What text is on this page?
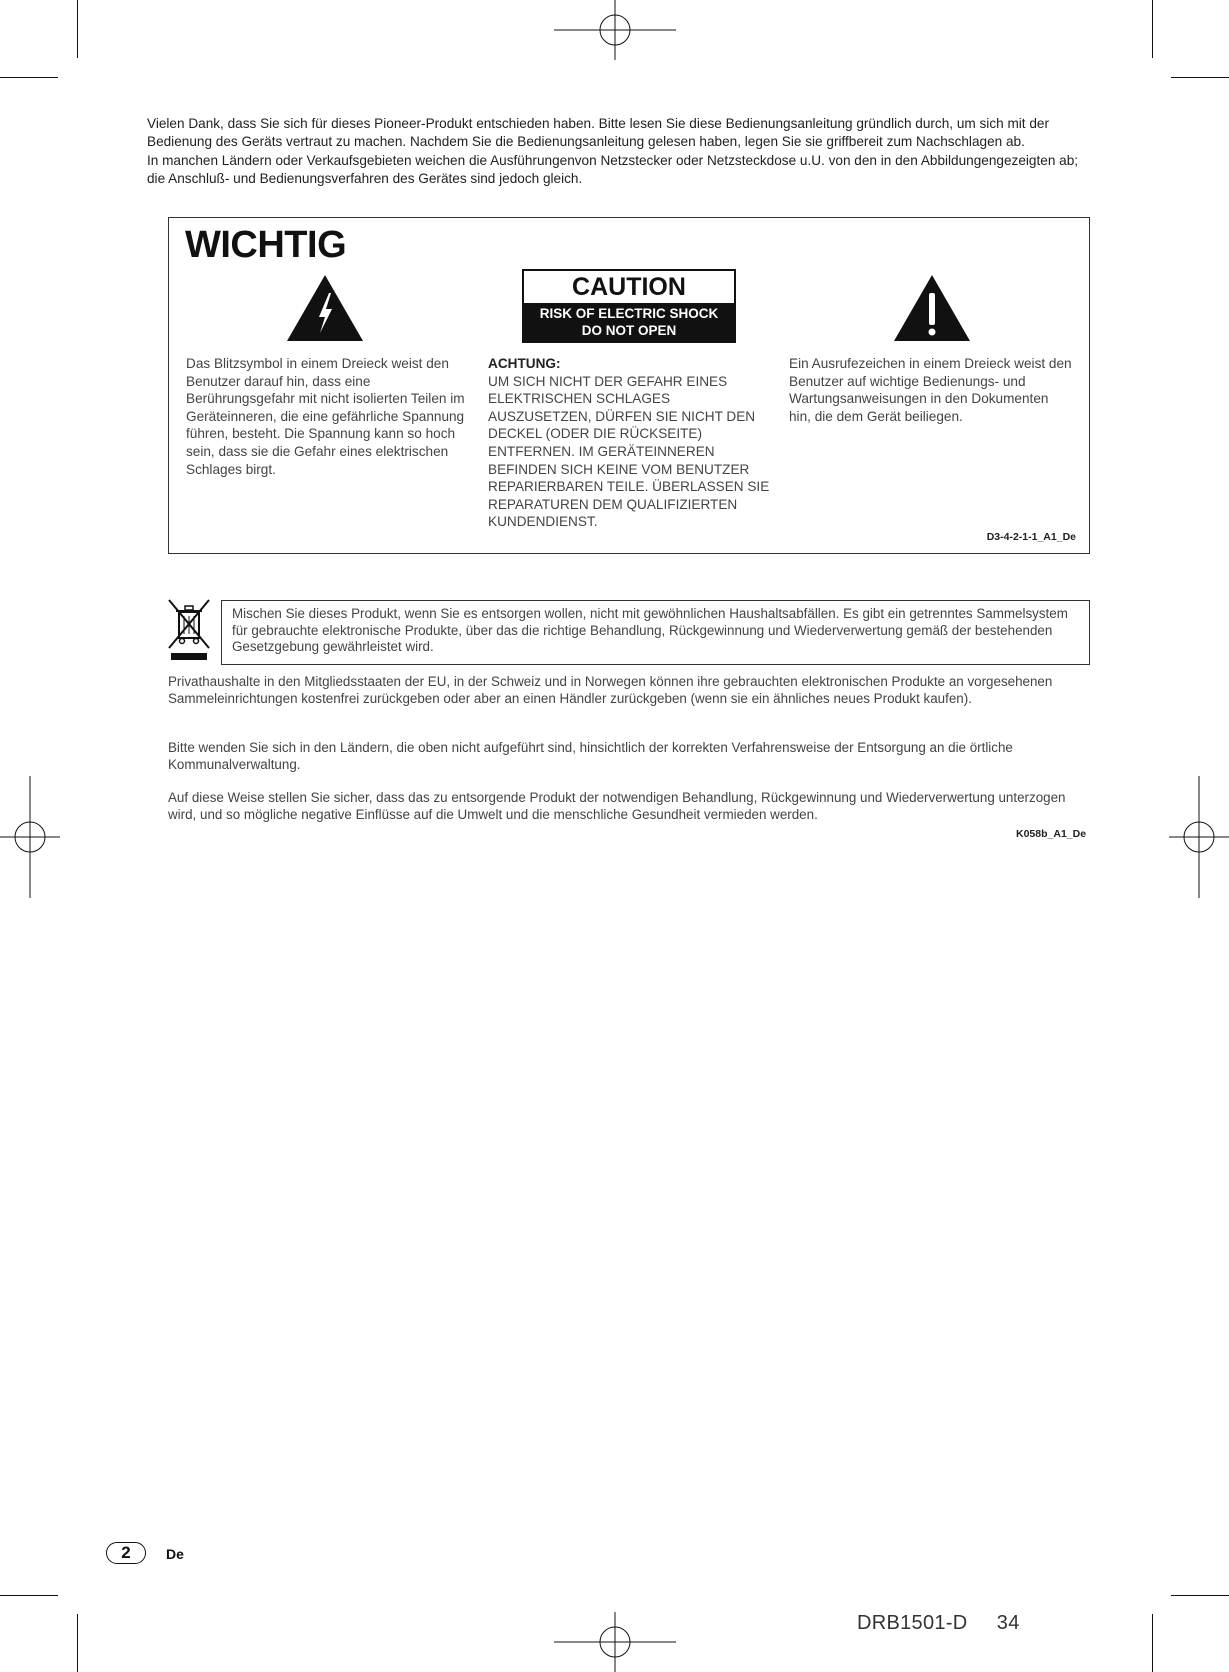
Vielen Dank, dass Sie sich für dieses Pioneer-Produkt entschieden haben. Bitte lesen Sie diese Bedienungsanleitung gründlich durch, um sich mit der Bedienung des Geräts vertraut zu machen. Nachdem Sie die Bedienungsanleitung gelesen haben, legen Sie sie griffbereit zum Nachschlagen ab.

In manchen Ländern oder Verkaufsgebieten weichen die Ausführungenvon Netzstecker oder Netzsteckdose u.U. von den in den Abbildungengezeigten ab; die Anschluß- und Bedienungsverfahren des Gerätes sind jedoch gleich.

WICHTIG
CAUTION
RISK OF ELECTRIC SHOCK
DO NOT OPEN
Das Blitzsymbol in einem Dreieck weist den Benutzer darauf hin, dass eine Berührungsgefahr mit nicht isolierten Teilen im Geräteinneren, die eine gefährliche Spannung führen, besteht. Die Spannung kann so hoch sein, dass sie die Gefahr eines elektrischen Schlages birgt.
ACHTUNG:
UM SICH NICHT DER GEFAHR EINES ELEKTRISCHEN SCHLAGES AUSZUSETZEN, DÜRFEN SIE NICHT DEN DECKEL (ODER DIE RÜCKSEITE) ENTFERNEN. IM GERÄTEINNEREN BEFINDEN SICH KEINE VOM BENUTZER REPARIERBAREN TEILE. ÜBERLASSEN SIE REPARATUREN DEM QUALIFIZIERTEN KUNDENDIENST.
Ein Ausrufezeichen in einem Dreieck weist den Benutzer auf wichtige Bedienungs- und Wartungsanweisungen in den Dokumenten hin, die dem Gerät beiliegen.
D3-4-2-1-1_A1_De
Mischen Sie dieses Produkt, wenn Sie es entsorgen wollen, nicht mit gewöhnlichen Haushaltsabfällen. Es gibt ein getrenntes Sammelsystem für gebrauchte elektronische Produkte, über das die richtige Behandlung, Rückgewinnung und Wiederverwertung gemäß der bestehenden Gesetzgebung gewährleistet wird.

Privathaushalte in den Mitgliedsstaaten der EU, in der Schweiz und in Norwegen können ihre gebrauchten elektronischen Produkte an vorgesehenen Sammeleinrichtungen kostenfrei zurückgeben oder aber an einen Händler zurückgeben (wenn sie ein ähnliches neues Produkt kaufen).

Bitte wenden Sie sich in den Ländern, die oben nicht aufgeführt sind, hinsichtlich der korrekten Verfahrensweise der Entsorgung an die örtliche Kommunalverwaltung.

Auf diese Weise stellen Sie sicher, dass das zu entsorgende Produkt der notwendigen Behandlung, Rückgewinnung und Wiederverwertung unterzogen wird, und so mögliche negative Einflüsse auf die Umwelt und die menschliche Gesundheit vermieden werden.

K058b_A1_De
2	De
DRB1501-D     34
